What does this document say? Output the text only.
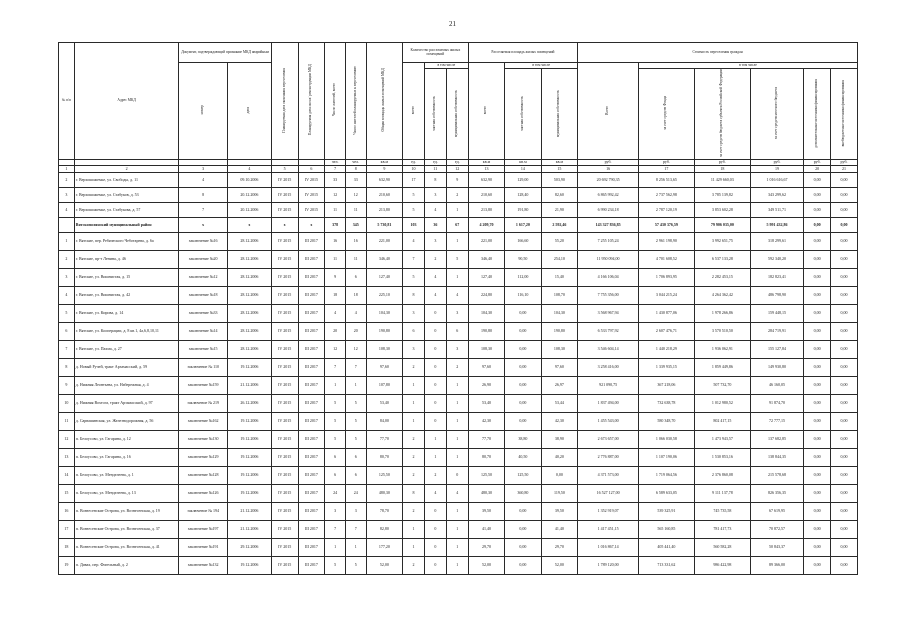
21
№ п/п	Адрес МКД	Документ, подтверждающий признание МКД аварийным		Планируемая дата окончания переселения	Планируемая дата сноса/ реконструкции МКД	Число жителей, всего	Число жителей планируемых к переселению	Общая площадь жилых помещений МКД	Количество расселяемых жилых помещений			Расселяемая площадь жилых помещений			Стоимость переселения граждан					
		номер	дата						всего	в том числе		всего	в том числе		Всего	в том числе				
										частная собственность	муниципальная собственность		частная собственность	муниципальная собственность		за счет средств Фонда	за счет средств бюджета субъекта Российской Федерации	за счет средств местного бюджета	дополнительные источники финансирования	внебюджетные источники финансирования
						чел.	чел.	кв.м	ед.	ед.	ед.	кв.м	кв.м	кв.м	руб.	руб.	руб.	руб.	руб.	руб.
1	2	3	4	5	6	7	8	9	10	11	12	13	14	15	16	17	18	19	20	21
2	г. Верхошижемье, ул. Свободы, д. 11	4	09.10.2006	IV 2015	IV 2015	33	33	632,90	17	8	9	632,90	129,00	503,90	20 692 790,35	8 256 513,65	11 429 660,03	1 016 616,67	0,00	0,00
3	г. Верхошижемье, ул. Стабуков, д. 53	8	20.12.2006	IV 2015	IV 2015	12	12	210,60	5	3	2	210,60	128,40	82,60	6 865 992,42	2 737 562,98	3 785 139,82	343 299,62	0,00	0,00
4	г. Верхошижемье, ул. Стабукова, д. 57	7	20.12.2006	IV 2015	IV 2015	11	11	213,80	5	4	1	213,80	191,80	21,90	6 990 234,18	2 787 120,19	3 853 602,28	349 511,71	0,00	0,00
	Вятскополянский муниципальный район	x	x	x	x	378	345	5 730,81	103	36	67	4 209,70	1 617,20	2 592,46	143 327 836,85	57 430 376,59	79 906 035,00	5 991 432,86	0,00	0,00
1	г. Вятские, пер. Ребяческого Чеботарева, д. 6а	заключение №16	28.12.2006	IV 2015	III 2017	16	16	221,00	4	3	1	221,00	166,60	55,20	7 255 105,24	2 961 198,90	3 992 651,75	318 299,61	0,00	0,00
2	г. Вятские, пр-т Ленина, д. 46	заключение №20	28.12.2006	IV 2015	III 2017	11	11	346,40	7	2	5	346,40	90,50	254,10	11 950 094,00	4 701 608,52	6 537 133,28	592 340,20	0,00	0,00
3	г. Вятские, ул. Вишнистая, д. 15	заключение №12	28.12.2006	IV 2015	III 2017	9	6	127,40	5	4	1	127,40	112,00	15,40	4 166 106,04	1 706 893,95	2 282 453,15	182 823,41	0,00	0,00
4	г. Вятские, ул. Вишнистая, д. 42	заключение №18	28.12.2006	IV 2015	III 2017	18	18	225,10	8	4	4	224,80	116,10	108,70	7 755 356,00	3 044 215,24	4 264 362,42	486 798,90	0,00	0,00
5	г. Вятские, ул. Кирова, д. 14	заключение №33	28.12.2006	IV 2015	III 2017	4	4	104,30	3	0	3	104,30	0,00	104,30	3 568 967,94	1 430 877,06	1 978 266,86	159 448,15	0,00	0,00
6	г. Вятские, ул. Кооперации, д. 8 кв.1, 4а,6,8,10,11	заключение №14	28.12.2006	IV 2015	III 2017	20	20	190,80	6	0	6	190,80	0,00	190,80	6 533 797,92	2 607 476,71	3 570 510,50	284 719,91	0,00	0,00
7	г. Вятские, ул. Пахма, д. 27	заключение №15	28.12.2006	IV 2015	III 2017	12	12	108,30	3	0	3	108,30	0,00	108,30	3 546 604,14	1 440 218,29	1 936 062,91	155 127,84	0,00	0,00
8	д. Новый Ручей, тракт Арзамасский, д. 59	заключение № 110	19.12.2006	IV 2015	III 2017	7	7	97,60	2	0	2	97,60	0,00	97,60	3 258 416,00	1 339 935,15	1 859 449,86	149 930,80	0,00	0,00
9	д. Нижняя Леонтьева, ул. Набережная, д. 4	заключение №159	21.12.2006	IV 2015	III 2017	1	1	107,80	1	0	1	26,90	0,00	26,97	921 090,75	367 218,06	507 732,70	46 160,05	0,00	0,00
10	д. Нижняя Вохтога, тракт Арзамасский, д. 97	заключение № 219	26.12.2006	IV 2015	III 2017	5	5	53,40	1	0	1	53,40	0,00	53,44	1 837 494,00	732 638,78	1 012 980,52	91 874,70	0,00	0,00
11	д. Сарвашинская, ул. Железнодорожная, д. 56	заключение №162	19.12.2006	IV 2015	III 2017	5	5	84,00	1	0	1	42,30	0,00	42,30	1 455 543,00	580 348,70	802 417,15	72 777,15	0,00	0,00
12	п. Белоусово, ул. Гагарина, д. 12	заключение №130	19.12.2006	IV 2015	III 2017	5	5	77,70	2	1	1	77,70	38,80	38,90	2 673 657,00	1 066 030,58	1 473 943,57	137 682,85	0,00	0,00
13	п. Белоусово, ул. Гагарина, д. 16	заключение №129	19.12.2006	IV 2015	III 2017	6	6	80,70	2	1	1	80,70	40,50	40,20	2 776 887,00	1 107 190,06	1 530 853,16	138 844,35	0,00	0,00
14	п. Белоусово, ул. Менделеева, д. 1	заключение №128	19.12.2006	IV 2015	III 2017	6	6	125,50	2	2	0	125,50	125,50	0,00	4 371 573,00	1 719 064,56	2 376 860,08	215 578,68	0,00	0,00
15	п. Белоусово, ул. Менделеева, д. 13	заключение №126	19.12.2006	IV 2015	III 2017	24	24	480,30	8	4	4	480,30	360,80	119,50	16 527 127,00	6 589 633,05	9 111 137,78	826 356,35	0,00	0,00
16	п. Вознесенские Острова, ул. Вознесенская, д. 19	заключение № 194	21.12.2006	IV 2015	III 2017	3	3	78,70	2	0	1	39,50	0,00	39,50	1 352 919,07	539 325,91	745 735,58	67 619,95	0,00	0,00
17	п. Вознесенские Острова, ул. Вознесенская, д. 37	заключение №197	21.12.2006	IV 2015	III 2017	7	7	82,80	1	0	1	41,40	0,00	41,40	1 417 451,15	565 160,85	781 417,73	70 872,57	0,00	0,00
18	п. Вознесенские Острова, ул. Вознесенская, д. 41	заключение №191	29.12.2006	IV 2015	III 2017	1	1	177,20	1	0	1	29,70	0,00	29,70	1 016 867,14	405 441,40	560 582,28	50 843,37	0,00	0,00
19	п. Дивах, пер. Фигельный, д. 2	заключение №132	19.12.2006	IV 2015	III 2017	5	5	52,00	2	0	1	52,00	0,00	52,00	1 789 120,00	713 331,62	986 422,98	89 366,00	0,00	0,00
